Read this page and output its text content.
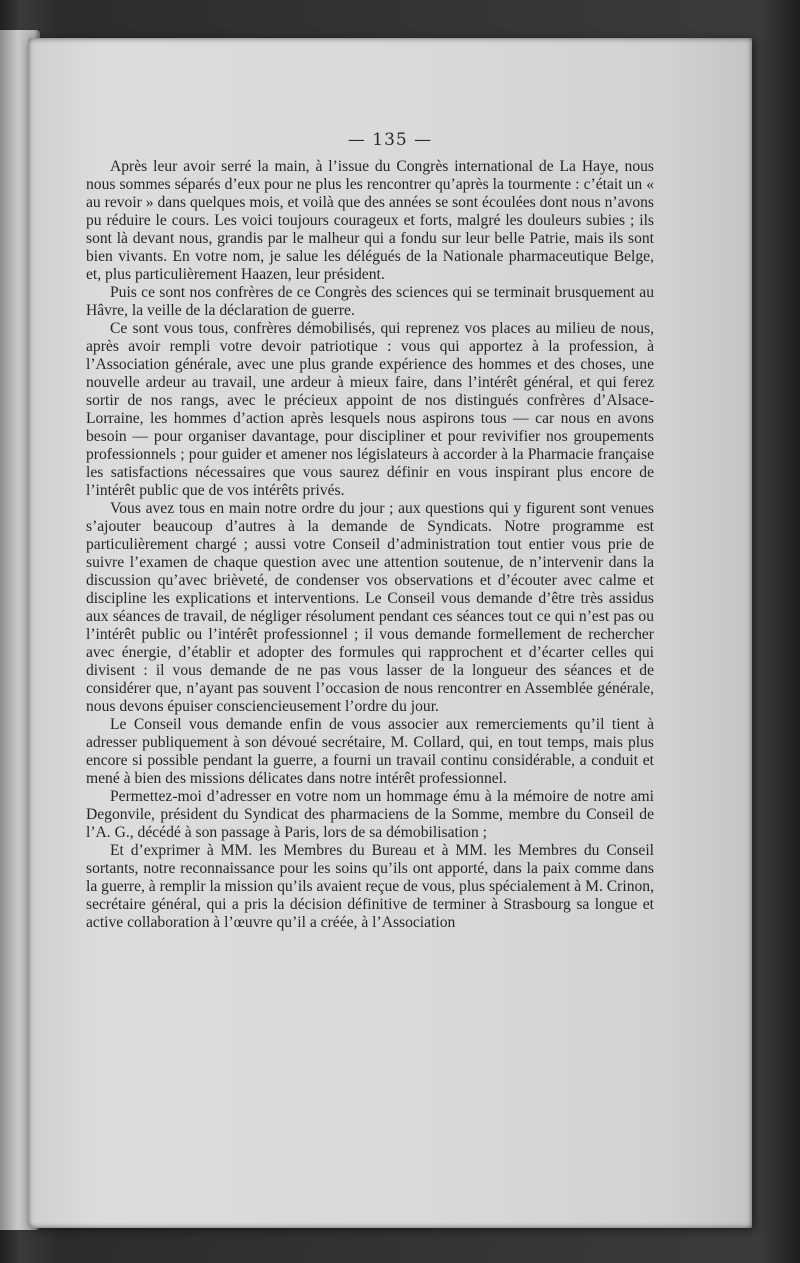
— 135 —

Après leur avoir serré la main, à l’issue du Congrès international de La Haye, nous nous sommes séparés d’eux pour ne plus les rencontrer qu’après la tourmente : c’était un « au revoir » dans quelques mois, et voilà que des années se sont écoulées dont nous n’avons pu réduire le cours. Les voici toujours courageux et forts, malgré les douleurs subies ; ils sont là devant nous, grandis par le malheur qui a fondu sur leur belle Patrie, mais ils sont bien vivants. En votre nom, je salue les délégués de la Nationale pharmaceutique Belge, et, plus particulièrement Haazen, leur président.

Puis ce sont nos confrères de ce Congrès des sciences qui se terminait brusquement au Hâvre, la veille de la déclaration de guerre.

Ce sont vous tous, confrères démobilisés, qui reprenez vos places au milieu de nous, après avoir rempli votre devoir patriotique : vous qui apportez à la profession, à l’Association générale, avec une plus grande expérience des hommes et des choses, une nouvelle ardeur au travail, une ardeur à mieux faire, dans l’intérêt général, et qui ferez sortir de nos rangs, avec le précieux appoint de nos distingués confrères d’Alsace-Lorraine, les hommes d’action après lesquels nous aspirons tous — car nous en avons besoin — pour organiser davantage, pour discipliner et pour revivifier nos groupements professionnels ; pour guider et amener nos législateurs à accorder à la Pharmacie française les satisfactions nécessaires que vous saurez définir en vous inspirant plus encore de l’intérêt public que de vos intérêts privés.

Vous avez tous en main notre ordre du jour ; aux questions qui y figurent sont venues s’ajouter beaucoup d’autres à la demande de Syndicats. Notre programme est particulièrement chargé ; aussi votre Conseil d’administration tout entier vous prie de suivre l’examen de chaque question avec une attention soutenue, de n’intervenir dans la discussion qu’avec brièveté, de condenser vos observations et d’écouter avec calme et discipline les explications et interventions. Le Conseil vous demande d’être très assidus aux séances de travail, de négliger résolument pendant ces séances tout ce qui n’est pas ou l’intérêt public ou l’intérêt professionnel ; il vous demande formellement de rechercher avec énergie, d’établir et adopter des formules qui rapprochent et d’écarter celles qui divisent : il vous demande de ne pas vous lasser de la longueur des séances et de considérer que, n’ayant pas souvent l’occasion de nous rencontrer en Assemblée générale, nous devons épuiser consciencieusement l’ordre du jour.

Le Conseil vous demande enfin de vous associer aux remerciements qu’il tient à adresser publiquement à son dévoué secrétaire, M. Collard, qui, en tout temps, mais plus encore si possible pendant la guerre, a fourni un travail continu considérable, a conduit et mené à bien des missions délicates dans notre intérêt professionnel.

Permettez-moi d’adresser en votre nom un hommage ému à la mémoire de notre ami Degonvile, président du Syndicat des pharmaciens de la Somme, membre du Conseil de l’A. G., décédé à son passage à Paris, lors de sa démobilisation ;

Et d’exprimer à MM. les Membres du Bureau et à MM. les Membres du Conseil sortants, notre reconnaissance pour les soins qu’ils ont apporté, dans la paix comme dans la guerre, à remplir la mission qu’ils avaient reçue de vous, plus spécialement à M. Crinon, secrétaire général, qui a pris la décision définitive de terminer à Strasbourg sa longue et active collaboration à l’œuvre qu’il a créée, à l’Association
